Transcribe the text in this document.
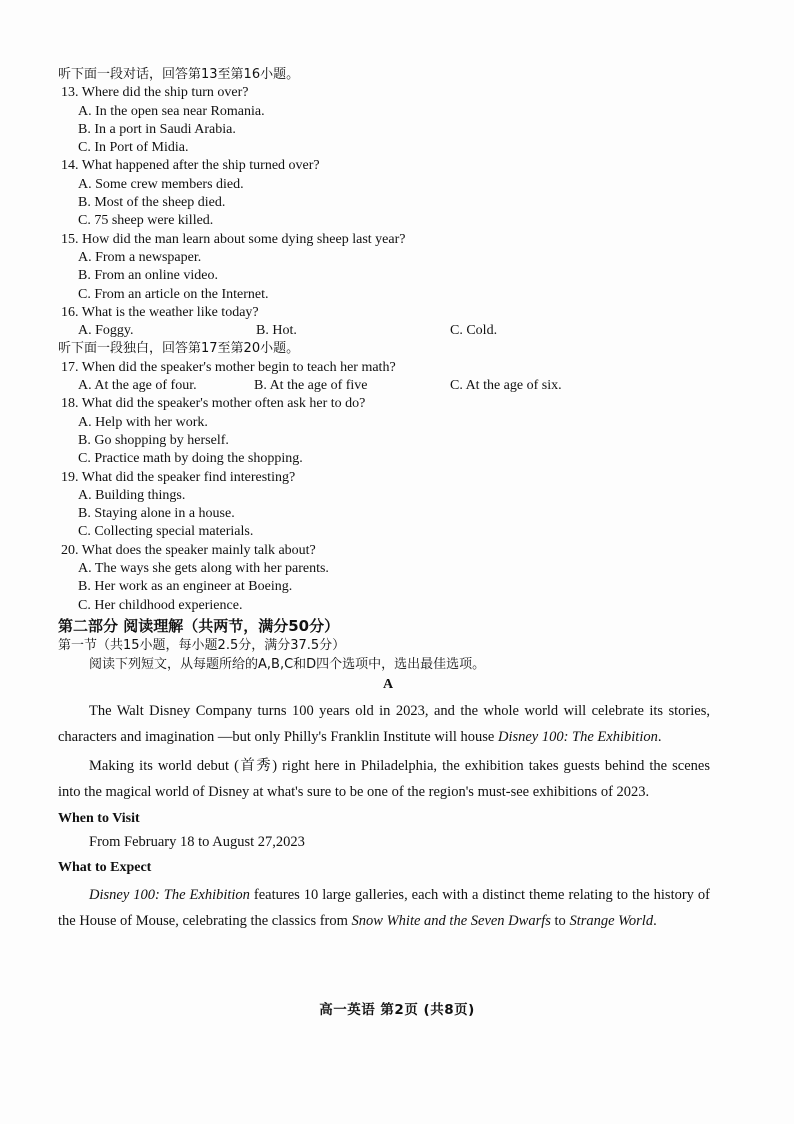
听下面一段对话，回答第13至第16小题。
13. Where did the ship turn over?
A. In the open sea near Romania.
B. In a port in Saudi Arabia.
C. In Port of Midia.
14. What happened after the ship turned over?
A. Some crew members died.
B. Most of the sheep died.
C. 75 sheep were killed.
15. How did the man learn about some dying sheep last year?
A. From a newspaper.
B. From an online video.
C. From an article on the Internet.
16. What is the weather like today?
A. Foggy.	B. Hot.	C. Cold.
听下面一段独白，回答第17至第20小题。
17. When did the speaker's mother begin to teach her math?
A. At the age of four.	B. At the age of five	C. At the age of six.
18. What did the speaker's mother often ask her to do?
A. Help with her work.
B. Go shopping by herself.
C. Practice math by doing the shopping.
19. What did the speaker find interesting?
A. Building things.
B. Staying alone in a house.
C. Collecting special materials.
20. What does the speaker mainly talk about?
A. The ways she gets along with her parents.
B. Her work as an engineer at Boeing.
C. Her childhood experience.
第二部分 阅读理解（共两节，满分50分）
第一节（共15小题，每小题2.5分，满分37.5分）
阅读下列短文，从每题所给的A,B,C和D四个选项中，选出最佳选项。
A

The Walt Disney Company turns 100 years old in 2023, and the whole world will celebrate its stories, characters and imagination —but only Philly's Franklin Institute will house Disney 100: The Exhibition.

Making its world debut (首秀) right here in Philadelphia, the exhibition takes guests behind the scenes into the magical world of Disney at what's sure to be one of the region's must-see exhibitions of 2023.

When to Visit
From February 18 to August 27,2023
What to Expect

Disney 100: The Exhibition features 10 large galleries, each with a distinct theme relating to the history of the House of Mouse, celebrating the classics from Snow White and the Seven Dwarfs to Strange World.

高一英语 第2页 (共8页)
